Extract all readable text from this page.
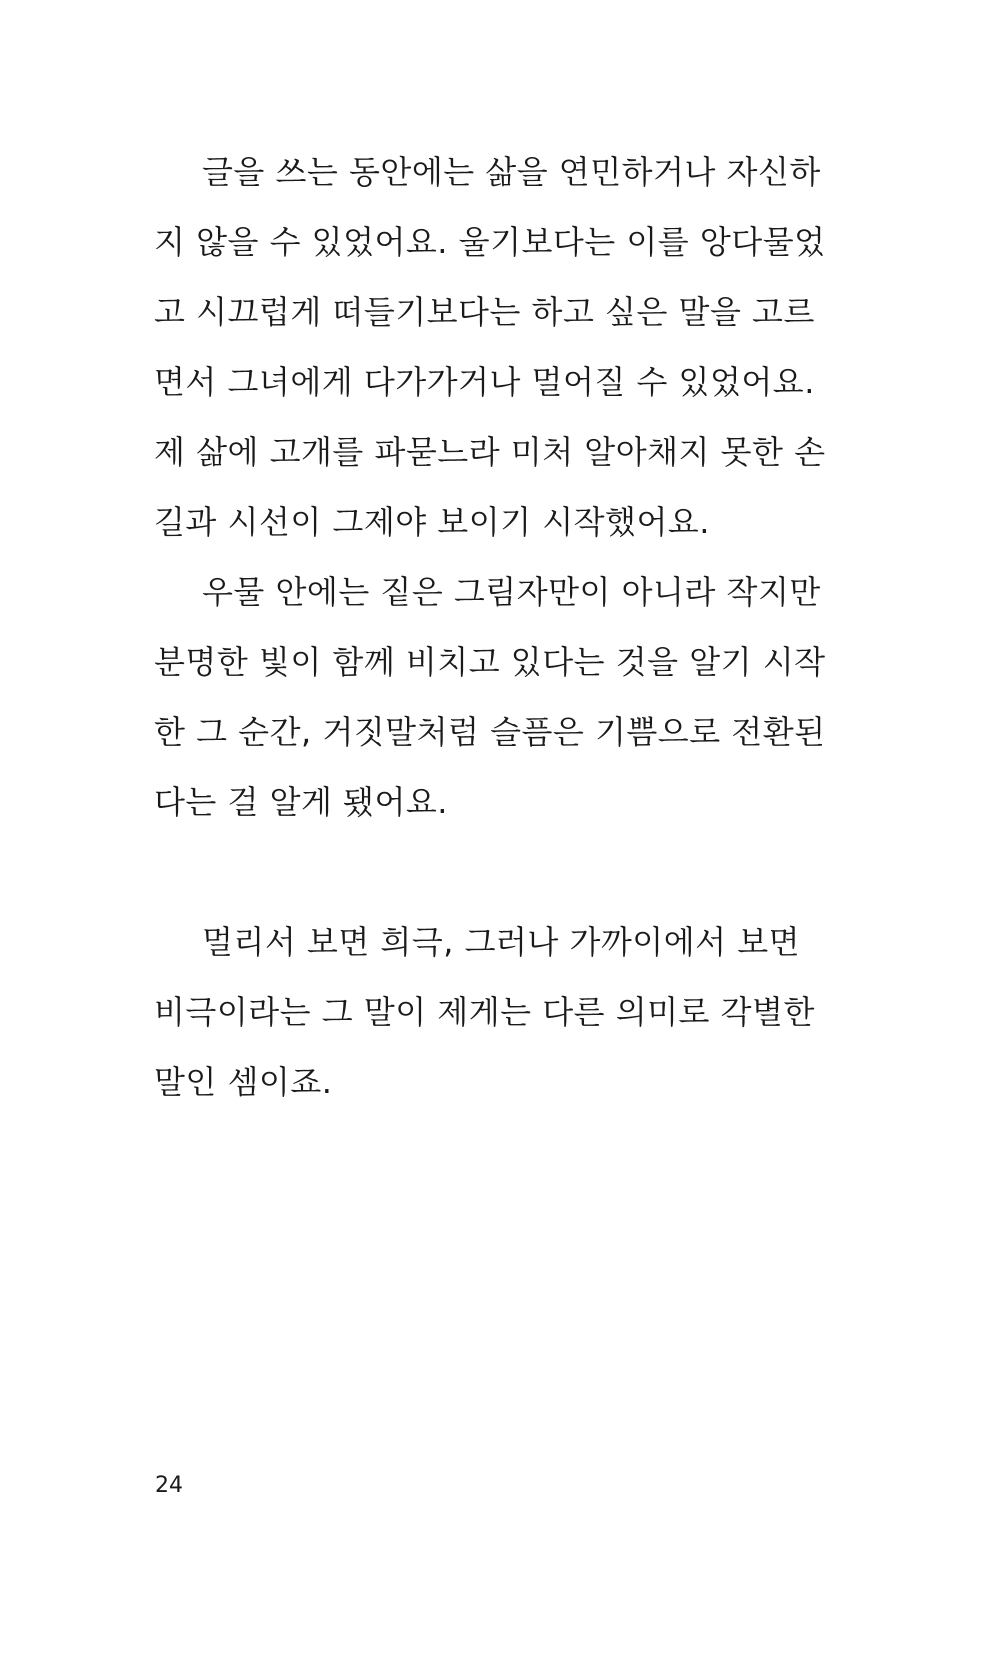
글을 쓰는 동안에는 삶을 연민하거나 자신하
지 않을 수 있었어요. 울기보다는 이를 앙다물었
고 시끄럽게 떠들기보다는 하고 싶은 말을 고르
면서 그녀에게 다가가거나 멀어질 수 있었어요.
제 삶에 고개를 파묻느라 미처 알아채지 못한 손
길과 시선이 그제야 보이기 시작했어요.
우물 안에는 짙은 그림자만이 아니라 작지만
분명한 빛이 함께 비치고 있다는 것을 알기 시작
한 그 순간, 거짓말처럼 슬픔은 기쁨으로 전환된
다는 걸 알게 됐어요.
멀리서 보면 희극, 그러나 가까이에서 보면
비극이라는 그 말이 제게는 다른 의미로 각별한
말인 셈이죠.
24
